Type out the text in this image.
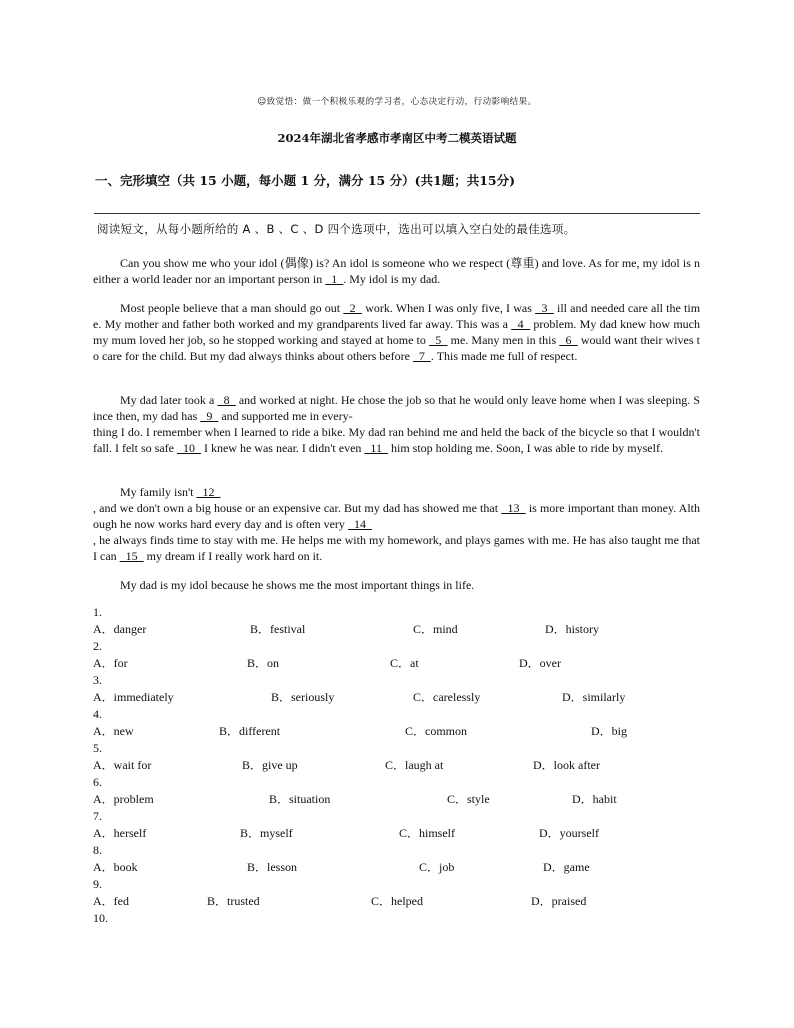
☺致觉悟：做一个积极乐观的学习者，心态决定行动，行动影响结果。
2024年湖北省孝感市孝南区中考二模英语试题
一、完形填空（共 15 小题，每小题 1 分，满分 15 分）(共1题；共15分)
阅读短文，从每小题所给的 A 、B 、C 、D 四个选项中，选出可以填入空白处的最佳选项。

Can you show me who your idol (偶像) is? An idol is someone who we respect (尊重) and love. As for me, my idol is neither a world leader nor an important person in   1  . My idol is my dad.

Most people believe that a man should go out   2   work. When I was only five, I was   3   ill and needed care all the time. My mother and father both worked and my grandparents lived far away. This was a   4   problem. My dad knew how much my mum loved her job, so he stopped working and stayed at home to   5   me. Many men in this   6   would want their wives to care for the child. But my dad always thinks about others before   7  . This made me full of respect.

My dad later took a   8   and worked at night. He chose the job so that he would only leave home when I was sleeping. Since then, my dad has   9   and supported me in every-

thing I do. I remember when I learned to ride a bike. My dad ran behind me and held the back of the bicycle so that I wouldn't fall. I felt so safe   10   I knew he was near. I didn't even   11   him stop holding me. Soon, I was able to ride by myself.

My family isn't   12

, and we don't own a big house or an expensive car. But my dad has showed me that   13   is more important than money. Although he now works hard every day and is often very   14

, he always finds time to stay with me. He helps me with my homework, and plays games with me. He has also taught me that I can   15   my dream if I really work hard on it.

My dad is my idol because he shows me the most important things in life.

1.
A．danger	B．festival	C．mind	D．history
2.
A．for	B．on	C．at	D．over
3.
A．immediately	B．seriously	C．carelessly	D．similarly
4.
A．new	B．different	C．common	D．big
5.
A．wait for	B．give up	C．laugh at	D．look after
6.
A．problem	B．situation	C．style	D．habit
7.
A．herself	B．myself	C．himself	D．yourself
8.
A．book	B．lesson	C．job	D．game
9.
A．fed	B．trusted	C．helped	D．praised
10.
